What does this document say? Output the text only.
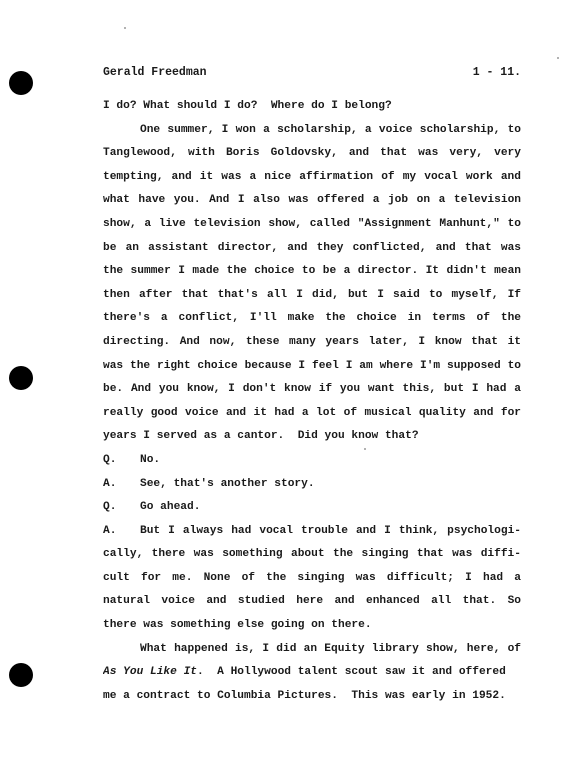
Gerald Freedman	1 - 11.
I do? What should I do?  Where do I belong?
One summer, I won a scholarship, a voice scholarship, to
Tanglewood, with Boris Goldovsky, and that was very, very
tempting, and it was a nice affirmation of my vocal work and
what have you. And I also was offered a job on a television
show, a live television show, called "Assignment Manhunt," to
be an assistant director, and they conflicted, and that was
the summer I made the choice to be a director. It didn't mean
then after that that's all I did, but I said to myself, If
there's a conflict, I'll make the choice in terms of the
directing. And now, these many years later, I know that it
was the right choice because I feel I am where I'm supposed to
be. And you know, I don't know if you want this, but I had a
really good voice and it had a lot of musical quality and for
years I served as a cantor.  Did you know that?
Q. No.
A. See, that's another story.
Q. Go ahead.
A. But I always had vocal trouble and I think, psychologi-
cally, there was something about the singing that was diffi-
cult for me. None of the singing was difficult; I had a
natural voice and studied here and enhanced all that. So
there was something else going on there.
What happened is, I did an Equity library show, here, of
As You Like It.  A Hollywood talent scout saw it and offered
me a contract to Columbia Pictures.  This was early in 1952.
